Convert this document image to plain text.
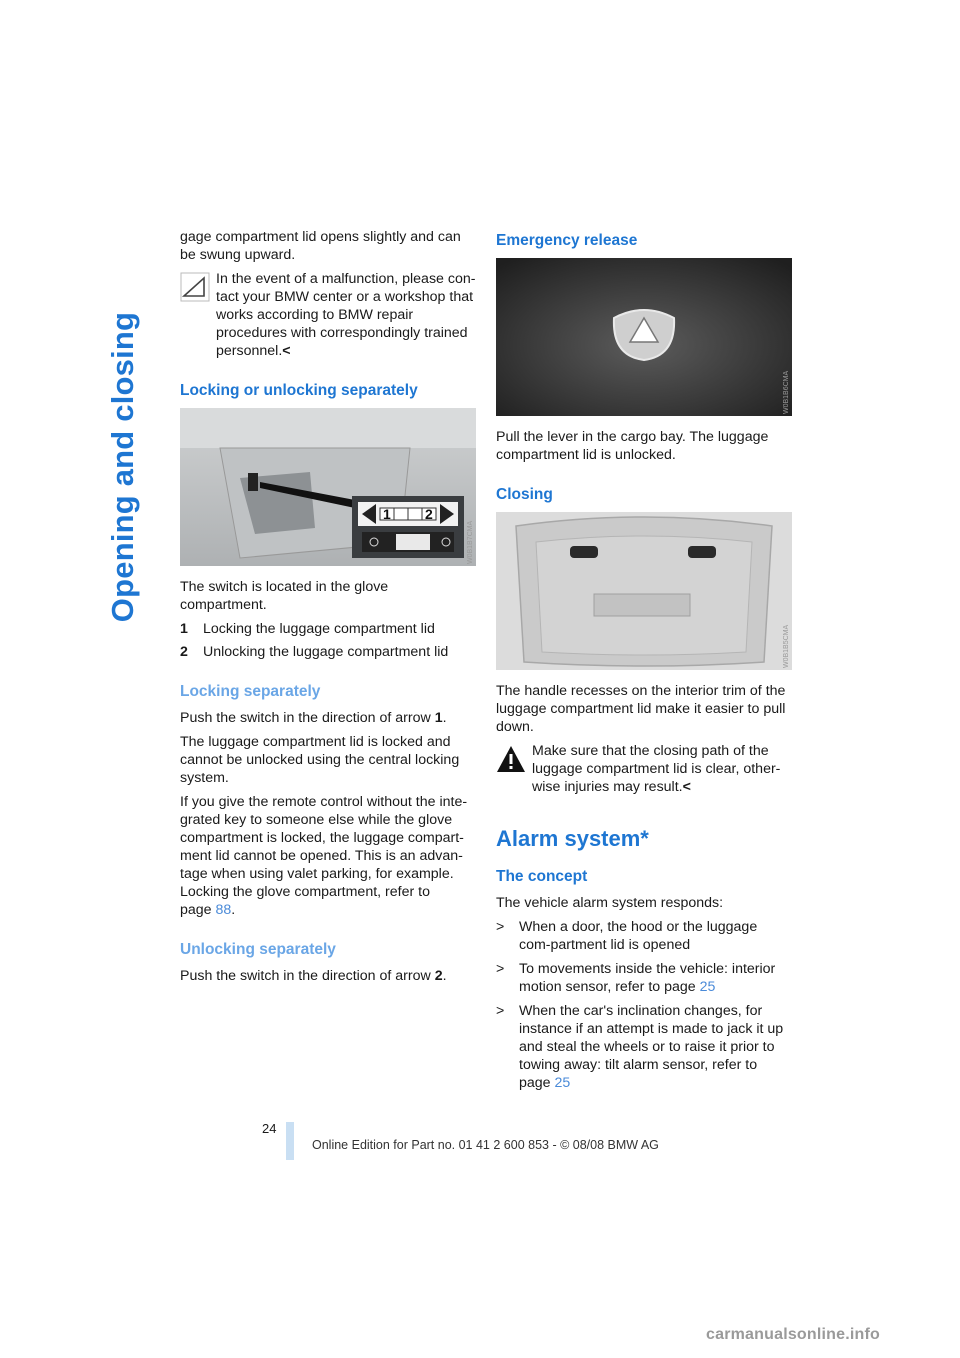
Opening and closing

gage compartment lid opens slightly and can be swung upward.

In the event of a malfunction, please con-tact your BMW center or a workshop that works according to BMW repair procedures with correspondingly trained personnel.<

Locking or unlocking separately
1 2
W0B1B7CMA

The switch is located in the glove compartment.

1	Locking the luggage compartment lid
2	Unlocking the luggage compartment lid
Locking separately

Push the switch in the direction of arrow 1.

The luggage compartment lid is locked and cannot be unlocked using the central locking system.

If you give the remote control without the inte-grated key to someone else while the glove compartment is locked, the luggage compart-ment lid cannot be opened. This is an advan-tage when using valet parking, for example. Locking the glove compartment, refer to
page 88.

Unlocking separately

Push the switch in the direction of arrow 2.

Emergency release
W0B1B6CMA

Pull the lever in the cargo bay. The luggage compartment lid is unlocked.

Closing
W0B1B5CMA

The handle recesses on the interior trim of the luggage compartment lid make it easier to pull down.

Make sure that the closing path of the luggage compartment lid is clear, other-wise injuries may result.<

Alarm system*
The concept

The vehicle alarm system responds:

>	When a door, the hood or the luggage com-partment lid is opened
>	To movements inside the vehicle: interior motion sensor, refer to page 25
>	When the car's inclination changes, for instance if an attempt is made to jack it up and steal the wheels or to raise it prior to towing away: tilt alarm sensor, refer to page 25
24
Online Edition for Part no. 01 41 2 600 853 - © 08/08 BMW AG
carmanualsonline.info
